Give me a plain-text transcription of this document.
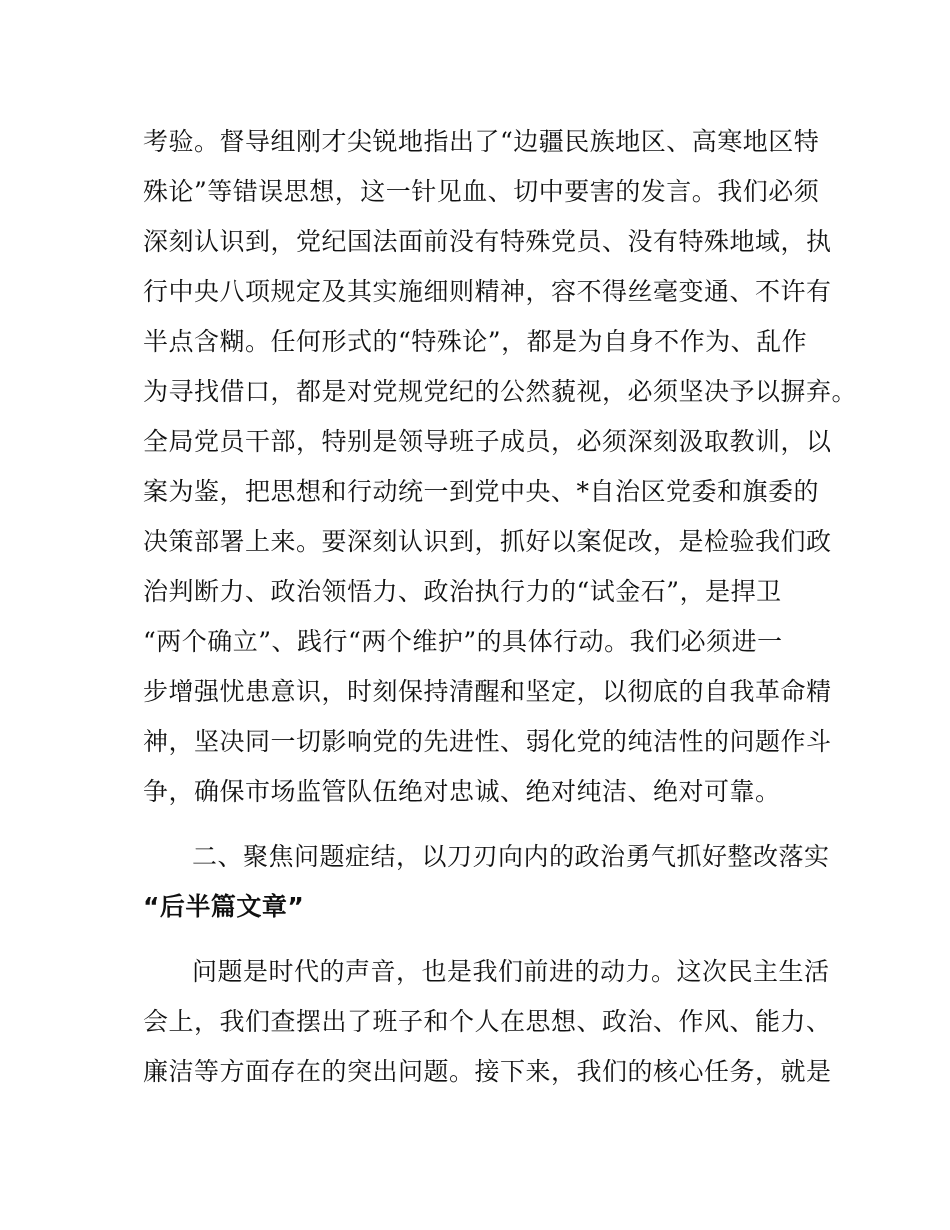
考验。督导组刚才尖锐地指出了“边疆民族地区、高寒地区特
殊论”等错误思想，这一针见血、切中要害的发言。我们必须
深刻认识到，党纪国法面前没有特殊党员、没有特殊地域，执
行中央八项规定及其实施细则精神，容不得丝毫变通、不许有
半点含糊。任何形式的“特殊论”，都是为自身不作为、乱作
为寻找借口，都是对党规党纪的公然藐视，必须坚决予以摒弃。
全局党员干部，特别是领导班子成员，必须深刻汲取教训，以
案为鉴，把思想和行动统一到党中央、*自治区党委和旗委的
决策部署上来。要深刻认识到，抓好以案促改，是检验我们政
治判断力、政治领悟力、政治执行力的“试金石”，是捍卫
“两个确立”、践行“两个维护”的具体行动。我们必须进一
步增强忧患意识，时刻保持清醒和坚定，以彻底的自我革命精
神，坚决同一切影响党的先进性、弱化党的纯洁性的问题作斗
争，确保市场监管队伍绝对忠诚、绝对纯洁、绝对可靠。
二、聚焦问题症结，以刀刃向内的政治勇气抓好整改落实
“后半篇文章”
问题是时代的声音，也是我们前进的动力。这次民主生活
会上，我们查摆出了班子和个人在思想、政治、作风、能力、
廉洁等方面存在的突出问题。接下来，我们的核心任务，就是
